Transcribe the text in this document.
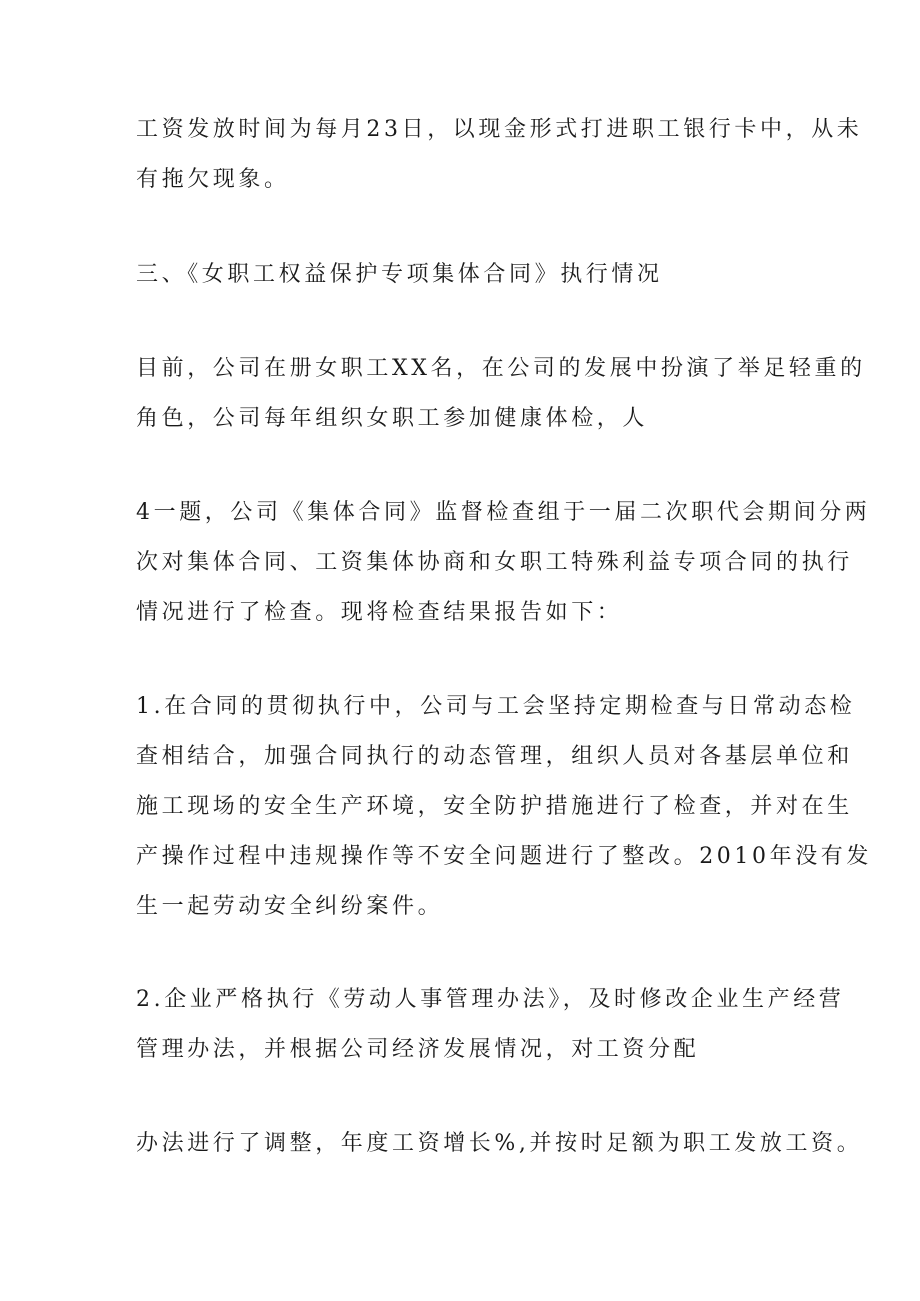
工资发放时间为每月23日，以现金形式打进职工银行卡中，从未
有拖欠现象。
三、《女职工权益保护专项集体合同》执行情况
目前，公司在册女职工XX名，在公司的发展中扮演了举足轻重的
角色，公司每年组织女职工参加健康体检，人
4一题，公司《集体合同》监督检查组于一届二次职代会期间分两
次对集体合同、工资集体协商和女职工特殊利益专项合同的执行
情况进行了检查。现将检查结果报告如下：
1.在合同的贯彻执行中，公司与工会坚持定期检查与日常动态检
查相结合，加强合同执行的动态管理，组织人员对各基层单位和
施工现场的安全生产环境，安全防护措施进行了检查，并对在生
产操作过程中违规操作等不安全问题进行了整改。2010年没有发
生一起劳动安全纠纷案件。
2.企业严格执行《劳动人事管理办法》，及时修改企业生产经营
管理办法，并根据公司经济发展情况，对工资分配
办法进行了调整，年度工资增长%,并按时足额为职工发放工资。
